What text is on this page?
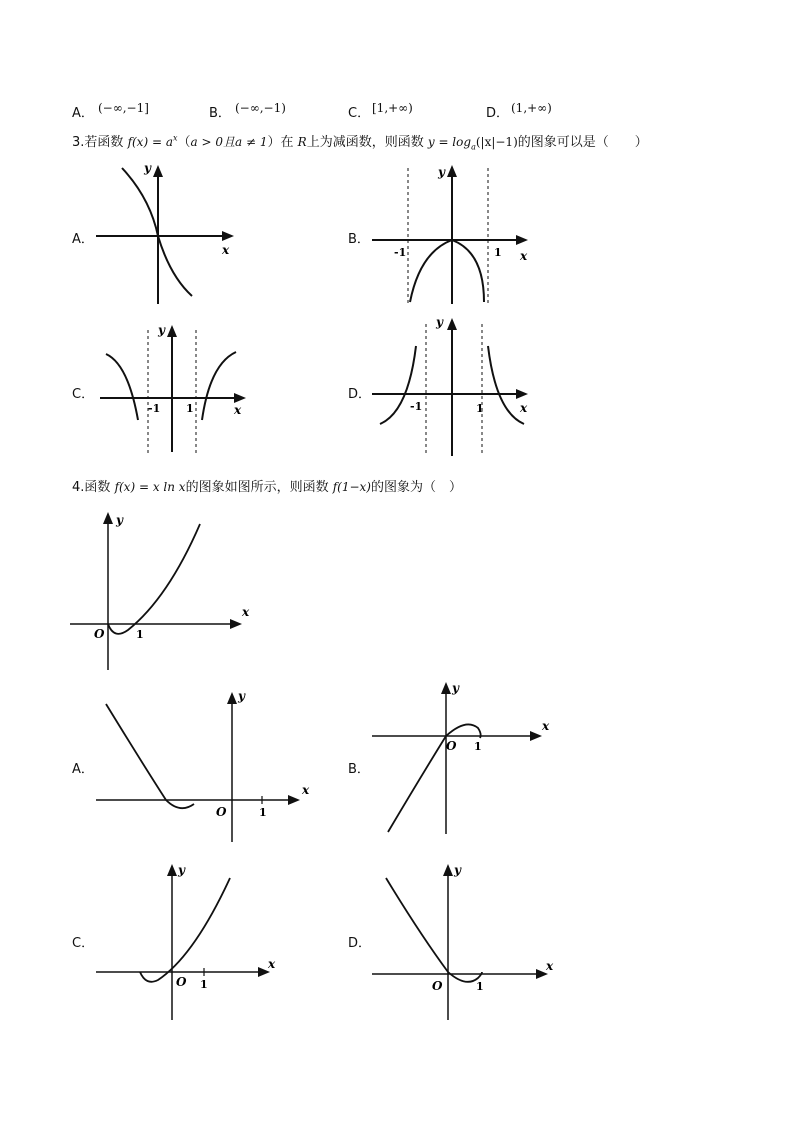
A． (−∞,−1]	B． (−∞,−1)	C． [1,+∞)	D． (1,+∞)
3.若函数 $f(x) = a^x(a > 0$且a ≠ 1）在 R上为减函数，则函数 $y = \log_a(|x|-1)$的图象可以是（　　）
A．	B．
C．	D．
y
x
y
x
-1	1
y
x
-1 1
y
x
-1	1
4.函数 f(x) = x ln x的图象如图所示，则函数 f(1−x)的图象为（　）
y
x
O	1
A．	B．
C．	D．
y
x
O	1
y
x
O 1
y
x
O 1
y
x
O	1
